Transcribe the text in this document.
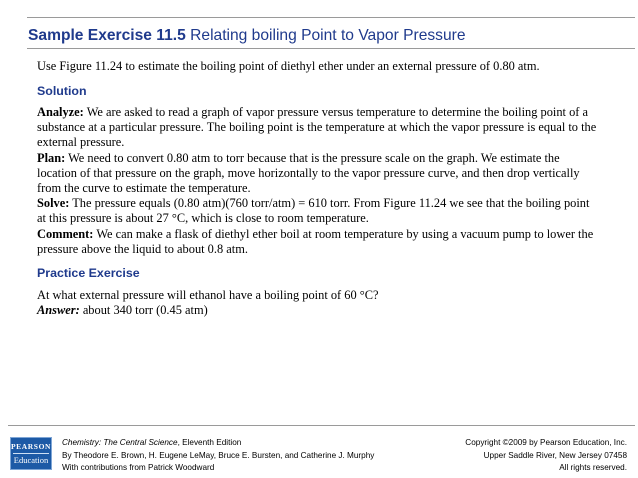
Sample Exercise 11.5 Relating boiling Point to Vapor Pressure
Use Figure 11.24 to estimate the boiling point of diethyl ether under an external pressure of 0.80 atm.
Solution

Analyze: We are asked to read a graph of vapor pressure versus temperature to determine the boiling point of a substance at a particular pressure. The boiling point is the temperature at which the vapor pressure is equal to the external pressure.

Plan: We need to convert 0.80 atm to torr because that is the pressure scale on the graph. We estimate the location of that pressure on the graph, move horizontally to the vapor pressure curve, and then drop vertically from the curve to estimate the temperature.

Solve: The pressure equals (0.80 atm)(760 torr/atm) = 610 torr. From Figure 11.24 we see that the boiling point at this pressure is about 27 °C, which is close to room temperature.

Comment: We can make a flask of diethyl ether boil at room temperature by using a vacuum pump to lower the pressure above the liquid to about 0.8 atm.

Practice Exercise

At what external pressure will ethanol have a boiling point of 60 °C?

Answer: about 340 torr (0.45 atm)

PEARSON
Education
Chemistry: The Central Science, Eleventh Edition
By Theodore E. Brown, H. Eugene LeMay, Bruce E. Bursten, and Catherine J. Murphy
With contributions from Patrick Woodward
Copyright ©2009 by Pearson Education, Inc.
Upper Saddle River, New Jersey 07458
All rights reserved.
